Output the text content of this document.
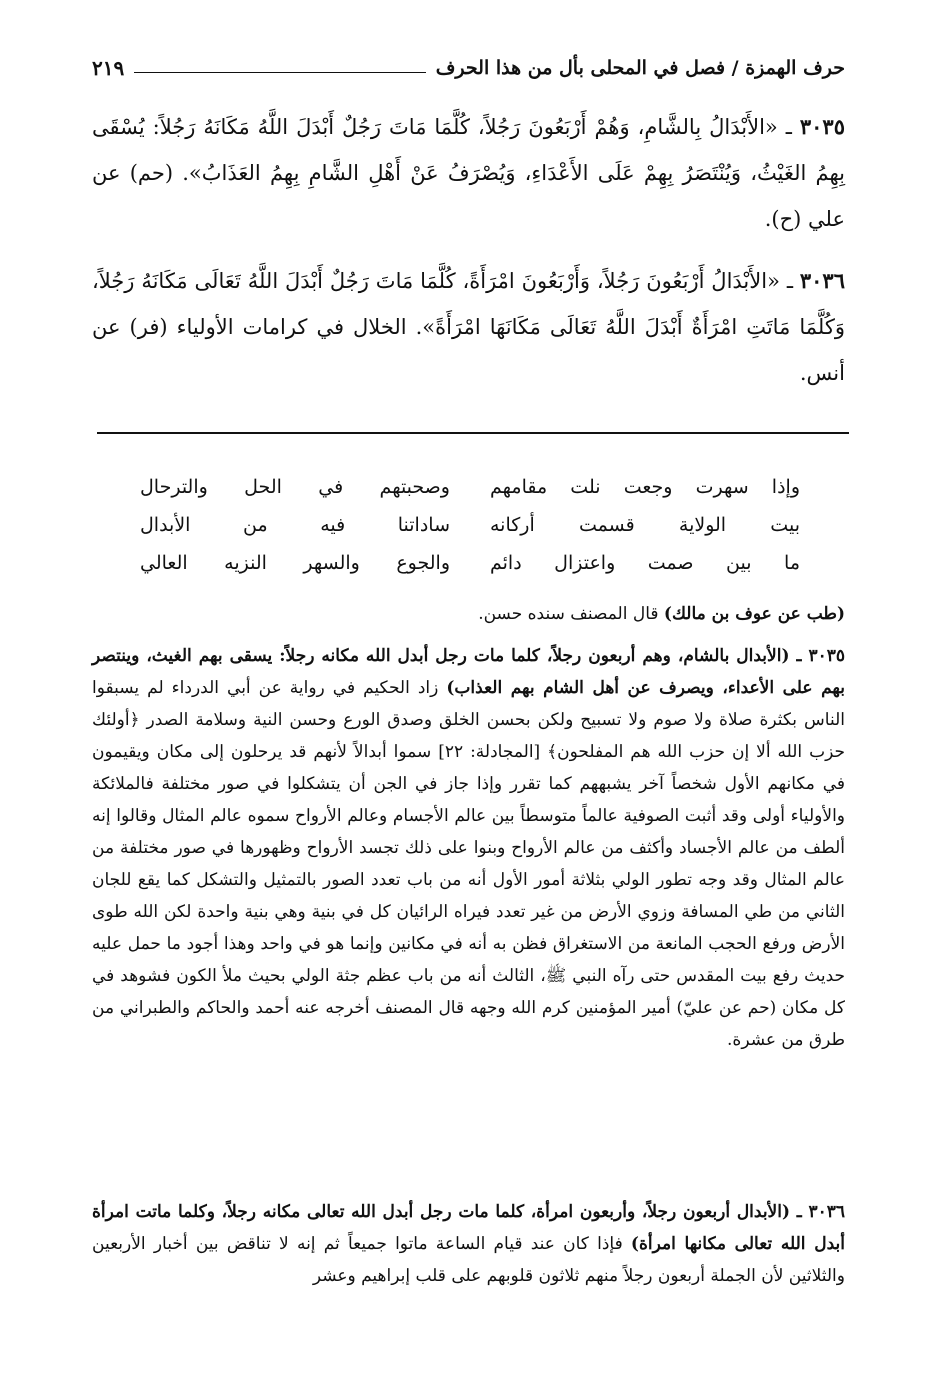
حرف الهمزة / فصل في المحلى بأل من هذا الحرف
٢١٩
٣٠٣٥ ـ «الأَبْدَالُ بِالشَّامِ، وَهُمْ أَرْبَعُونَ رَجُلاً، كُلَّمَا مَاتَ رَجُلٌ أَبْدَلَ اللَّهُ مَكَانَهُ رَجُلاً: يُسْقَى بِهِمُ الغَيْثُ، وَيُنْتَصَرُ بِهِمْ عَلَى الأَعْدَاءِ، وَيُصْرَفُ عَنْ أَهْلِ الشَّامِ بِهِمُ العَذَابُ». (حم) عن علي (ح).
٣٠٣٦ ـ «الأَبْدَالُ أَرْبَعُونَ رَجُلاً، وَأَرْبَعُونَ امْرَأَةً، كُلَّمَا مَاتَ رَجُلٌ أَبْدَلَ اللَّهُ تَعَالَى مَكَانَهُ رَجُلاً، وَكُلَّمَا مَاتَتِ امْرَأَةٌ أَبْدَلَ اللَّهُ تَعَالَى مَكَانَهَا امْرَأَةً». الخلال في كرامات الأولياء (فر) عن أنس.
وإذا سهرت وجعت نلت مقامهم
وصحبتهم في الحل والترحال
بيت الولاية قسمت أركانه
ساداتنا فيه من الأبدال
ما بين صمت واعتزال دائم
والجوع والسهر النزيه العالي
(طب عن عوف بن مالك) قال المصنف سنده حسن.
٣٠٣٥ ـ (الأبدال بالشام، وهم أربعون رجلاً، كلما مات رجل أبدل الله مكانه رجلاً: يسقى بهم الغيث، وينتصر بهم على الأعداء، ويصرف عن أهل الشام بهم العذاب) زاد الحكيم في رواية عن أبي الدرداء لم يسبقوا الناس بكثرة صلاة ولا صوم ولا تسبيح ولكن بحسن الخلق وصدق الورع وحسن النية وسلامة الصدر ﴿أولئك حزب الله ألا إن حزب الله هم المفلحون﴾ [المجادلة: ٢٢] سموا أبدالاً لأنهم قد يرحلون إلى مكان ويقيمون في مكانهم الأول شخصاً آخر يشبههم كما تقرر وإذا جاز في الجن أن يتشكلوا في صور مختلفة فالملائكة والأولياء أولى وقد أثبت الصوفية عالماً متوسطاً بين عالم الأجسام وعالم الأرواح سموه عالم المثال وقالوا إنه ألطف من عالم الأجساد وأكثف من عالم الأرواح وبنوا على ذلك تجسد الأرواح وظهورها في صور مختلفة من عالم المثال وقد وجه تطور الولي بثلاثة أمور الأول أنه من باب تعدد الصور بالتمثيل والتشكل كما يقع للجان الثاني من طي المسافة وزوي الأرض من غير تعدد فيراه الرائيان كل في بنية وهي بنية واحدة لكن الله طوى الأرض ورفع الحجب المانعة من الاستغراق فظن به أنه في مكانين وإنما هو في واحد وهذا أجود ما حمل عليه حديث رفع بيت المقدس حتى رآه النبي ﷺ، الثالث أنه من باب عظم جثة الولي بحيث ملأ الكون فشوهد في كل مكان (حم عن عليّ) أمير المؤمنين كرم الله وجهه قال المصنف أخرجه عنه أحمد والحاكم والطبراني من طرق من عشرة.
٣٠٣٦ ـ (الأبدال أربعون رجلاً، وأربعون امرأة، كلما مات رجل أبدل الله تعالى مكانه رجلاً، وكلما ماتت امرأة أبدل الله تعالى مكانها امرأة) فإذا كان عند قيام الساعة ماتوا جميعاً ثم إنه لا تناقض بين أخبار الأربعين والثلاثين لأن الجملة أربعون رجلاً منهم ثلاثون قلوبهم على قلب إبراهيم وعشر
